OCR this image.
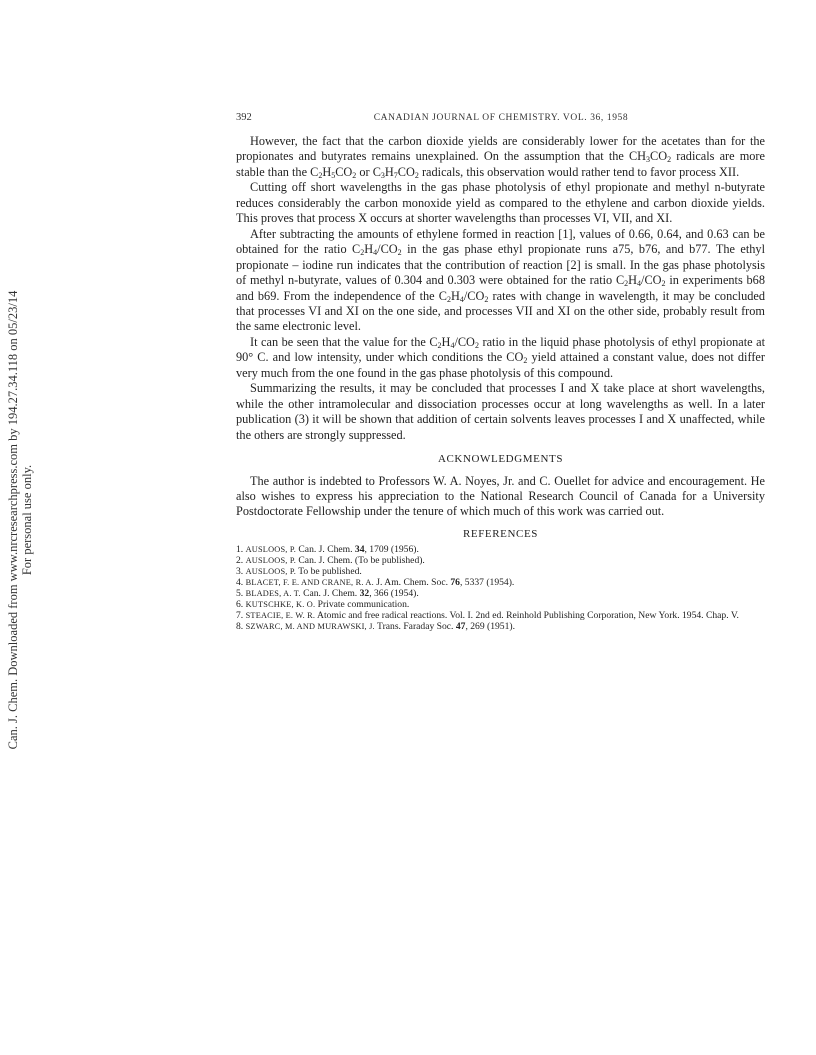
Can. J. Chem. Downloaded from www.nrcresearchpress.com by 194.27.34.118 on 05/23/14 For personal use only.
392	CANADIAN JOURNAL OF CHEMISTRY. VOL. 36, 1958

However, the fact that the carbon dioxide yields are considerably lower for the acetates than for the propionates and butyrates remains unexplained. On the assumption that the $CH_3CO_2$ radicals are more stable than the $C_2H_5CO_2$ or $C_3H_7CO_2$ radicals, this observation would rather tend to favor process XII.

Cutting off short wavelengths in the gas phase photolysis of ethyl propionate and methyl n-butyrate reduces considerably the carbon monoxide yield as compared to the ethylene and carbon dioxide yields. This proves that process X occurs at shorter wavelengths than processes VI, VII, and XI.

After subtracting the amounts of ethylene formed in reaction [1], values of 0.66, 0.64, and 0.63 can be obtained for the ratio $C_2H_4/CO_2$ in the gas phase ethyl propionate runs a75, b76, and b77. The ethyl propionate – iodine run indicates that the contribution of reaction [2] is small. In the gas phase photolysis of methyl n-butyrate, values of 0.304 and 0.303 were obtained for the ratio $C_2H_4/CO_2$ in experiments b68 and b69. From the independence of the $C_2H_4/CO_2$ rates with change in wavelength, it may be concluded that processes VI and XI on the one side, and processes VII and XI on the other side, probably result from the same electronic level.

It can be seen that the value for the $C_2H_4/CO_2$ ratio in the liquid phase photolysis of ethyl propionate at 90° C. and low intensity, under which conditions the $CO_2$ yield attained a constant value, does not differ very much from the one found in the gas phase photolysis of this compound.

Summarizing the results, it may be concluded that processes I and X take place at short wavelengths, while the other intramolecular and dissociation processes occur at long wavelengths as well. In a later publication (3) it will be shown that addition of certain solvents leaves processes I and X unaffected, while the others are strongly suppressed.

ACKNOWLEDGMENTS

The author is indebted to Professors W. A. Noyes, Jr. and C. Ouellet for advice and encouragement. He also wishes to express his appreciation to the National Research Council of Canada for a University Postdoctorate Fellowship under the tenure of which much of this work was carried out.

REFERENCES
1. AUSLOOS, P. Can. J. Chem. 34, 1709 (1956).
2. AUSLOOS, P. Can. J. Chem. (To be published).
3. AUSLOOS, P. To be published.
4. BLACET, F. E. AND CRANE, R. A. J. Am. Chem. Soc. 76, 5337 (1954).
5. BLADES, A. T. Can. J. Chem. 32, 366 (1954).
6. KUTSCHKE, K. O. Private communication.
7. STEACIE, E. W. R. Atomic and free radical reactions. Vol. I. 2nd ed. Reinhold Publishing Corporation, New York. 1954. Chap. V.
8. SZWARC, M. AND MURAWSKI, J. Trans. Faraday Soc. 47, 269 (1951).
